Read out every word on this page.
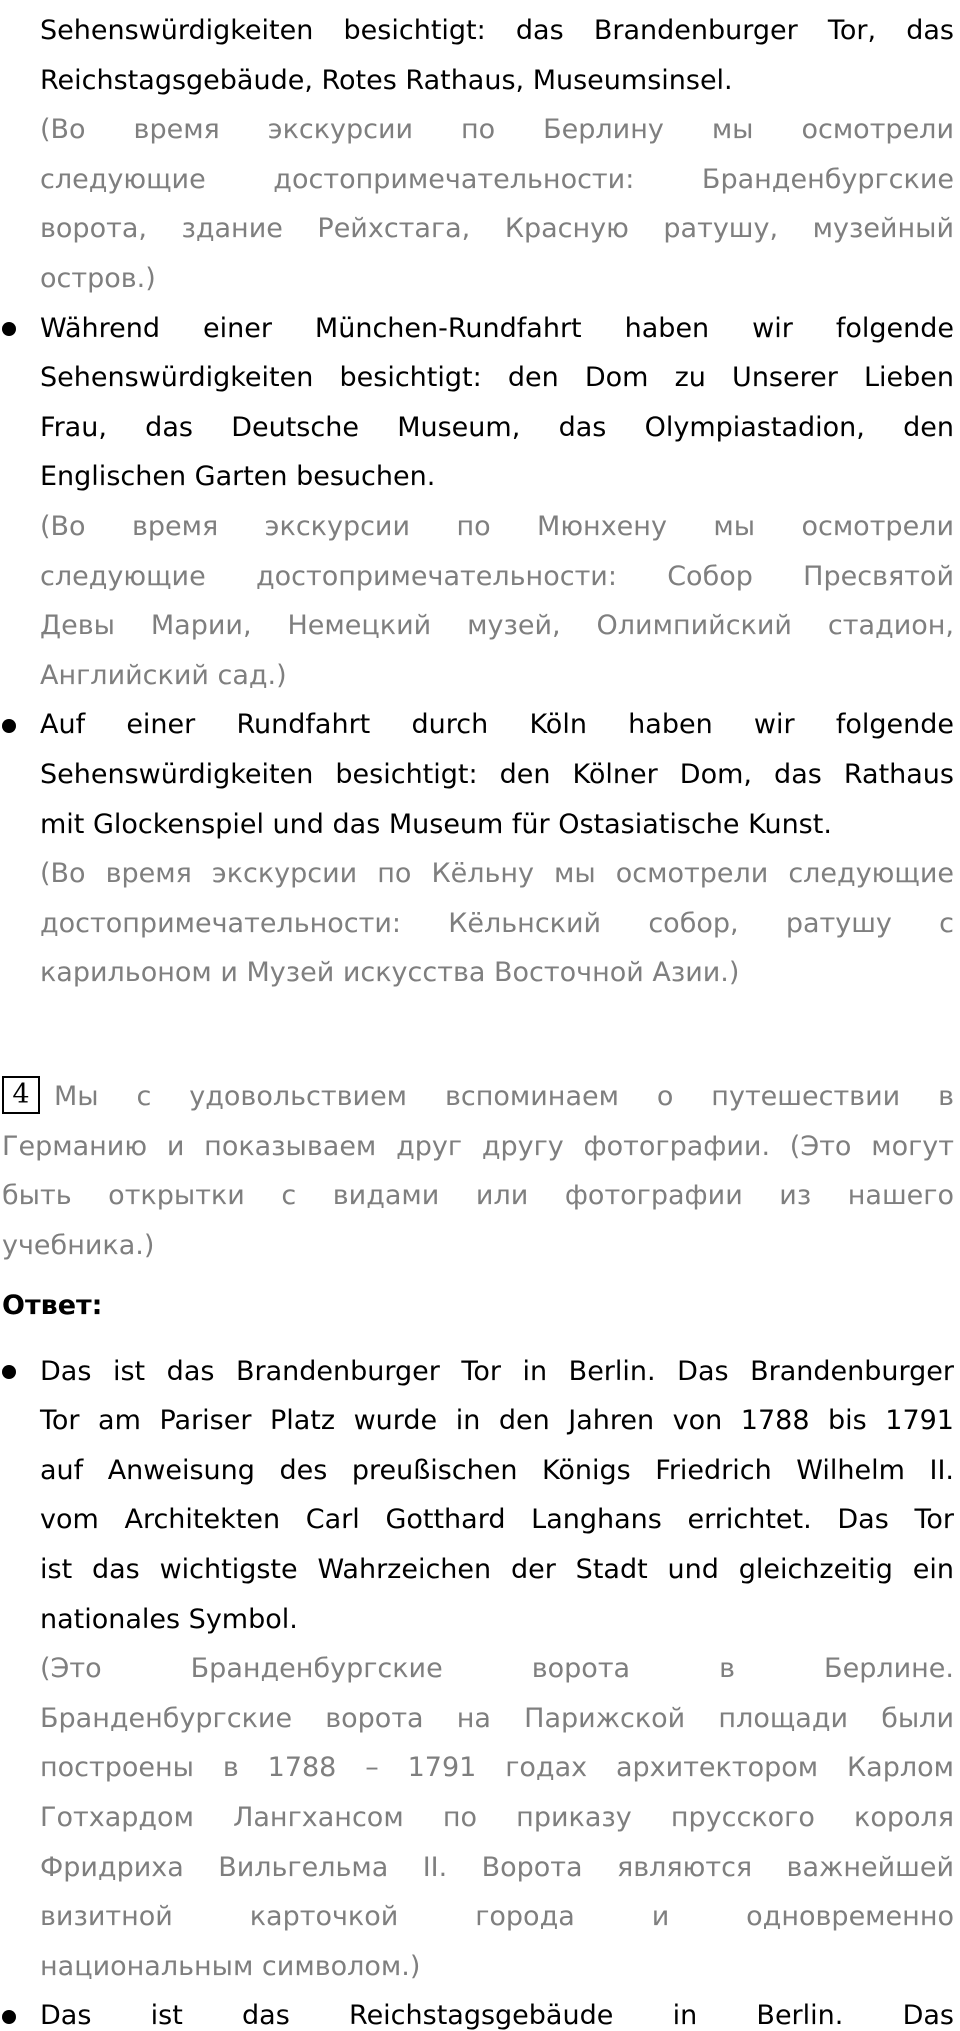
Sehenswürdigkeiten besichtigt: das Brandenburger Tor, das
Reichstagsgebäude, Rotes Rathaus, Museumsinsel.
(Во время экскурсии по Берлину мы осмотрели
следующие достопримечательности: Бранденбургские
ворота, здание Рейхстага, Красную ратушу, музейный
остров.)
Während einer München-Rundfahrt haben wir folgende
Sehenswürdigkeiten besichtigt: den Dom zu Unserer Lieben
Frau, das Deutsche Museum, das Olympiastadion, den
Englischen Garten besuchen.
(Во время экскурсии по Мюнхену мы осмотрели
следующие достопримечательности: Собор Пресвятой
Девы Марии, Немецкий музей, Олимпийский стадион,
Английский сад.)
Auf einer Rundfahrt durch Köln haben wir folgende
Sehenswürdigkeiten besichtigt: den Kölner Dom, das Rathaus
mit Glockenspiel und das Museum für Ostasiatische Kunst.
(Во время экскурсии по Кёльну мы осмотрели следующие
достопримечательности: Кёльнский собор, ратушу с
карильоном и Музей искусства Восточной Азии.)
4 Мы с удовольствием вспоминаем о путешествии в
Германию и показываем друг другу фотографии. (Это могут
быть открытки с видами или фотографии из нашего
учебника.)
Ответ:
Das ist das Brandenburger Tor in Berlin. Das Brandenburger
Tor am Pariser Platz wurde in den Jahren von 1788 bis 1791
auf Anweisung des preußischen Königs Friedrich Wilhelm II.
vom Architekten Carl Gotthard Langhans errichtet. Das Tor
ist das wichtigste Wahrzeichen der Stadt und gleichzeitig ein
nationales Symbol.
(Это Бранденбургские ворота в Берлине.
Бранденбургские ворота на Парижской площади были
построены в 1788 – 1791 годах архитектором Карлом
Готхардом Лангхансом по приказу прусского короля
Фридриха Вильгельма II. Ворота являются важнейшей
визитной карточкой города и одновременно
национальным символом.)
Das ist das Reichstagsgebäude in Berlin. Das
